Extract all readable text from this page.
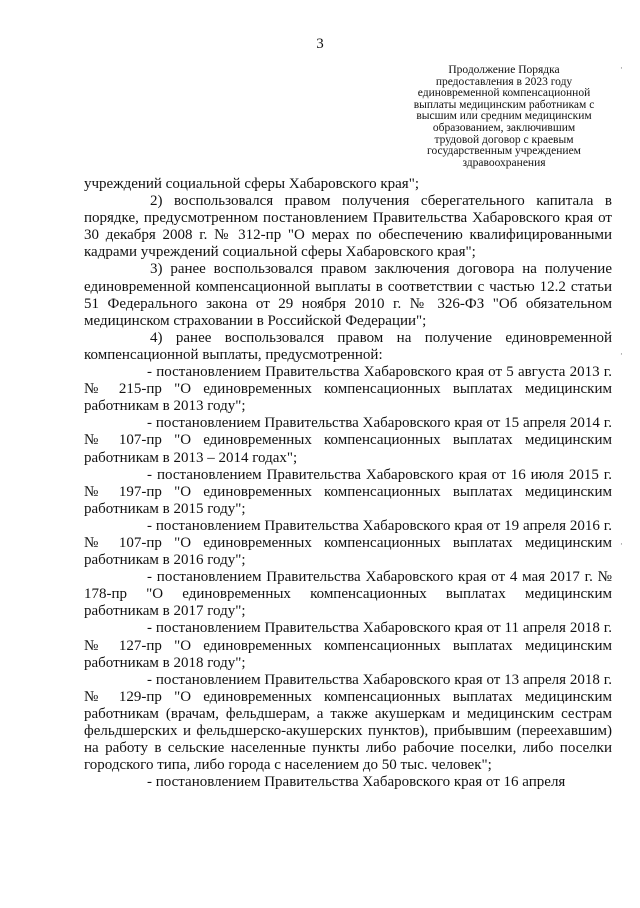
3
Продолжение Порядка
предоставления в 2023 году
единовременной компенсационной
выплаты медицинским работникам с
высшим или средним медицинским
образованием, заключившим
трудовой договор с краевым
государственным учреждением
здравоохранения
·
·
·

учреждений социальной сферы Хабаровского края";

2) воспользовался правом получения сберегательного капитала в порядке, предусмотренном постановлением Правительства Хабаровского края от 30 декабря 2008 г. № 312-пр "О мерах по обеспечению квалифицированными кадрами учреждений социальной сферы Хабаровского края";

3) ранее воспользовался правом заключения договора на получение единовременной компенсационной выплаты в соответствии с частью 12.2 статьи 51 Федерального закона от 29 ноября 2010 г. № 326-ФЗ "Об обязательном медицинском страховании в Российской Федерации";

4) ранее воспользовался правом на получение единовременной компенсационной выплаты, предусмотренной:

- постановлением Правительства Хабаровского края от 5 августа 2013 г. № 215-пр "О единовременных компенсационных выплатах медицинским работникам в 2013 году";

- постановлением Правительства Хабаровского края от 15 апреля 2014 г. № 107-пр "О единовременных компенсационных выплатах медицинским работникам в 2013 – 2014 годах";

- постановлением Правительства Хабаровского края от 16 июля 2015 г. № 197-пр "О единовременных компенсационных выплатах медицинским работникам в 2015 году";

- постановлением Правительства Хабаровского края от 19 апреля 2016 г. № 107-пр "О единовременных компенсационных выплатах медицинским работникам в 2016 году";

- постановлением Правительства Хабаровского края от 4 мая 2017 г. № 178-пр "О единовременных компенсационных выплатах медицинским работникам в 2017 году";

- постановлением Правительства Хабаровского края от 11 апреля 2018 г. № 127-пр "О единовременных компенсационных выплатах медицинским работникам в 2018 году";

- постановлением Правительства Хабаровского края от 13 апреля 2018 г. № 129-пр "О единовременных компенсационных выплатах медицинским работникам (врачам, фельдшерам, а также акушеркам и медицинским сестрам фельдшерских и фельдшерско-акушерских пунктов), прибывшим (переехавшим) на работу в сельские населенные пункты либо рабочие поселки, либо поселки городского типа, либо города с населением до 50 тыс. человек";

- постановлением Правительства Хабаровского края от 16 апреля
